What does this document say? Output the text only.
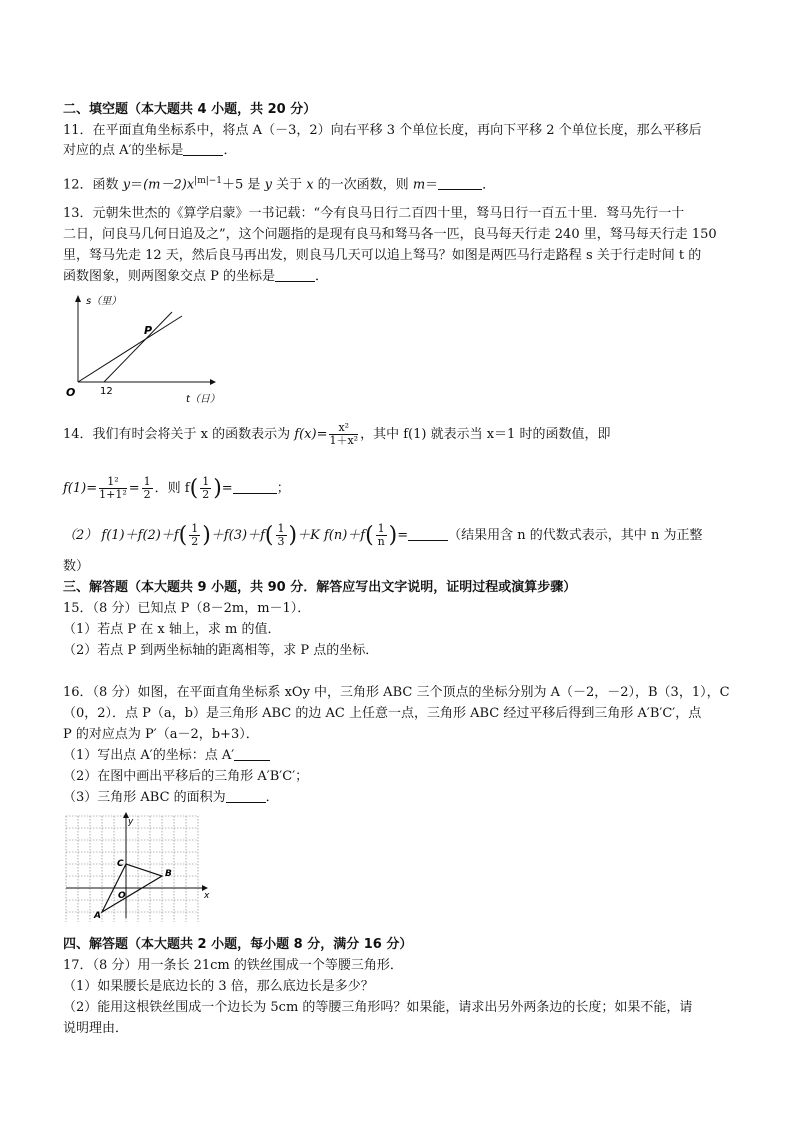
二、填空题（本大题共 4 小题，共 20 分）
11．在平面直角坐标系中，将点 A（－3，2）向右平移 3 个单位长度，再向下平移 2 个单位长度，那么平移后
对应的点 A′的坐标是	．
12．函数 $y=(m-2)x^{|m|-1}+5$ 是 y 关于 x 的一次函数，则 m＝	．
13．元朝朱世杰的《算学启蒙》一书记载：“今有良马日行二百四十里，驽马日行一百五十里．驽马先行一十
二日，问良马几何日追及之”，这个问题指的是现有良马和驽马各一匹，良马每天行走 240 里，驽马每天行走 150
里，驽马先走 12 天，然后良马再出发，则良马几天可以追上驽马？如图是两匹马行走路程 s 关于行走时间 t 的
函数图象，则两图象交点 P 的坐标是	．
s（里）
t（日）
O 12
P
14．我们有时会将关于 x 的函数表示为 $f(x)= \frac{\text{x²}}{\text{1＋x²}}$ ，其中 f(1) 就表示当 x＝1 时的函数值，即
$f(1)= \frac{\text{1²}}{\text{1+1²}} = \frac{1}{2}$ ．则 $f( \frac{1}{2}$ )=	；
（2） $f(1)+f(2)+f( \frac{1}{2} )+f(3)+f( \frac{1}{3} )+K$ $f(n)+f( \frac{1}{n}$ )=	（结果用含 n 的代数式表示，其中 n 为正整
数）
三、解答题（本大题共 9 小题，共 90 分．解答应写出文字说明，证明过程或演算步骤）
15．（8 分）已知点 P（8－2m，m－1）．
（1）若点 P 在 x 轴上，求 m 的值．
（2）若点 P 到两坐标轴的距离相等，求 P 点的坐标．
16．（8 分）如图，在平面直角坐标系 xOy 中，三角形 ABC 三个顶点的坐标分别为 A（－2，－2），B（3，1），C
（0，2）．点 P（a，b）是三角形 ABC 的边 AC 上任意一点，三角形 ABC 经过平移后得到三角形 A′B′C′，点
P 的对应点为 P′（a－2，b+3）．
（1）写出点 A′的坐标：点 A′
（2）在图中画出平移后的三角形 A′B′C′；
（3）三角形 ABC 的面积为	．
y
x
C
B
O
A
四、解答题（本大题共 2 小题，每小题 8 分，满分 16 分）
17．（8 分）用一条长 21cm 的铁丝围成一个等腰三角形．
（1）如果腰长是底边长的 3 倍，那么底边长是多少？
（2）能用这根铁丝围成一个边长为 5cm 的等腰三角形吗？如果能，请求出另外两条边的长度；如果不能，请
说明理由．
